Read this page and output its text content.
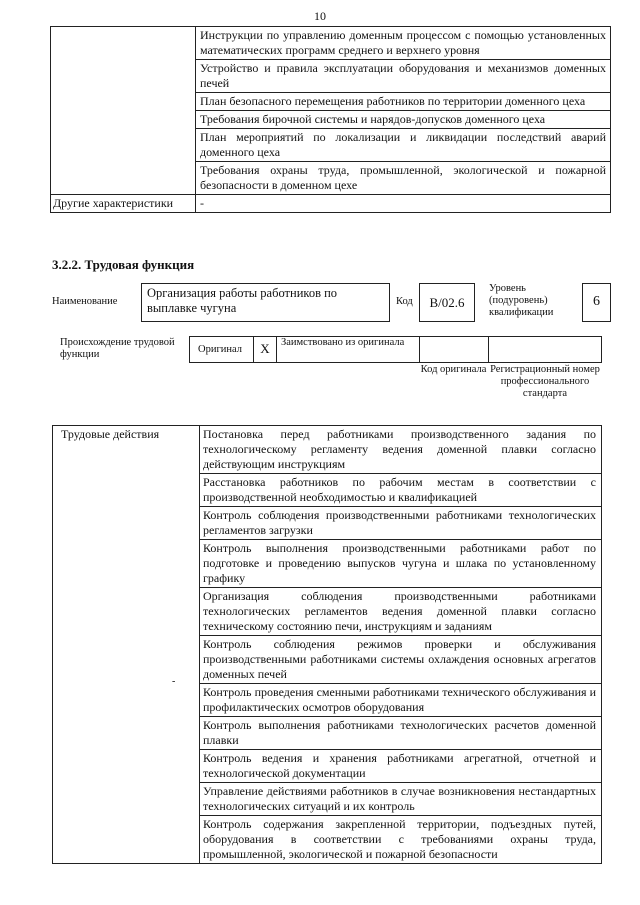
10
	Инструкции по управлению доменным процессом с помощью установленных математических программ среднего и верхнего уровня
	Устройство и правила эксплуатации оборудования и механизмов доменных печей
	План безопасного перемещения работников по территории доменного цеха
	Требования бирочной системы и нарядов-допусков доменного цеха
	План мероприятий по локализации и ликвидации последствий аварий доменного цеха
	Требования охраны труда, промышленной, экологической и пожарной безопасности в доменном цехе
Другие характеристики	-
3.2.2. Трудовая функция
Наименование
Организация работы работников по выплавке чугуна	Код	B/02.6
Уровень (подуровень) квалификации
6
Происхождение трудовой функции	Оригинал	X	Заимствовано из оригинала
Код оригинала Регистрационный номер профессионального стандарта
Трудовые действия	Постановка перед работниками производственного задания по технологическому регламенту ведения доменной плавки согласно действующим инструкциям
Расстановка работников по рабочим местам в соответствии с производственной необходимостью и квалификацией
Контроль соблюдения производственными работниками технологических регламентов загрузки
Контроль выполнения производственными работниками работ по подготовке и проведению выпусков чугуна и шлака по установленному графику
Организация соблюдения производственными работниками технологических регламентов ведения доменной плавки согласно техническому состоянию печи, инструкциям и заданиям
Контроль соблюдения режимов проверки и обслуживания производственными работниками системы охлаждения основных агрегатов доменных печей
Контроль проведения сменными работниками технического обслуживания и профилактических осмотров оборудования
Контроль выполнения работниками технологических расчетов доменной плавки
Контроль ведения и хранения работниками агрегатной, отчетной и технологической документации
Управление действиями работников в случае возникновения нестандартных технологических ситуаций и их контроль
Контроль содержания закрепленной территории, подъездных путей, оборудования в соответствии с требованиями охраны труда, промышленной, экологической и пожарной безопасности
-
